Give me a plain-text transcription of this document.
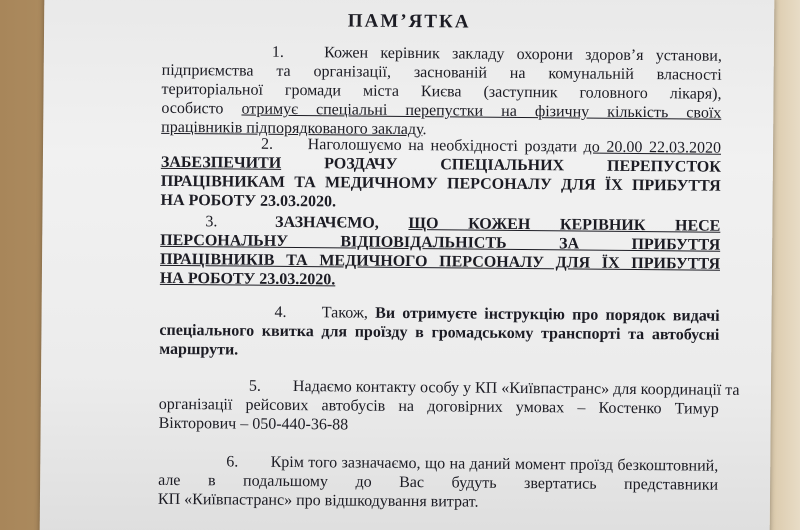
ПАМ’ЯТКА
1.	Кожен керівник закладу охорони здоров’я установи,
підприємства та організації, заснованій на комунальній власності
територіальної громади міста Києва (заступник головного лікаря),
особисто отримує спеціальні перепустки на фізичну кількість своїх
працівників підпорядкованого закладу.
2. Наголошуємо на необхідності роздати до 20.00 22.03.2020
ЗАБЕЗПЕЧИТИ РОЗДАЧУ СПЕЦІАЛЬНИХ ПЕРЕПУСТОК
ПРАЦІВНИКАМ ТА МЕДИЧНОМУ ПЕРСОНАЛУ ДЛЯ ЇХ ПРИБУТТЯ
НА РОБОТУ 23.03.2020.
3.	ЗАЗНАЧЄМО, ЩО КОЖЕН КЕРІВНИК НЕСЕ
ПЕРСОНАЛЬНУ ВІДПОВІДАЛЬНІСТЬ ЗА ПРИБУТТЯ
ПРАЦІВНИКІВ ТА МЕДИЧНОГО ПЕРСОНАЛУ ДЛЯ ЇХ ПРИБУТТЯ
НА РОБОТУ 23.03.2020.
4. Також, Ви отримуєте інструкцію про порядок видачі
спеціального квитка для проїзду в громадському транспорті та автобусні
маршрути.
5. Надаємо контакту особу у КП «Київпастранс» для координації та
організації рейсових автобусів на договірних умовах – Костенко Тимур
Вікторович – 050-440-36-88
6. Крім того зазначаємо, що на даний момент проїзд безкоштовний,
але в подальшому до Вас будуть звертатись представники
КП «Київпастранс» про відшкодування витрат.
